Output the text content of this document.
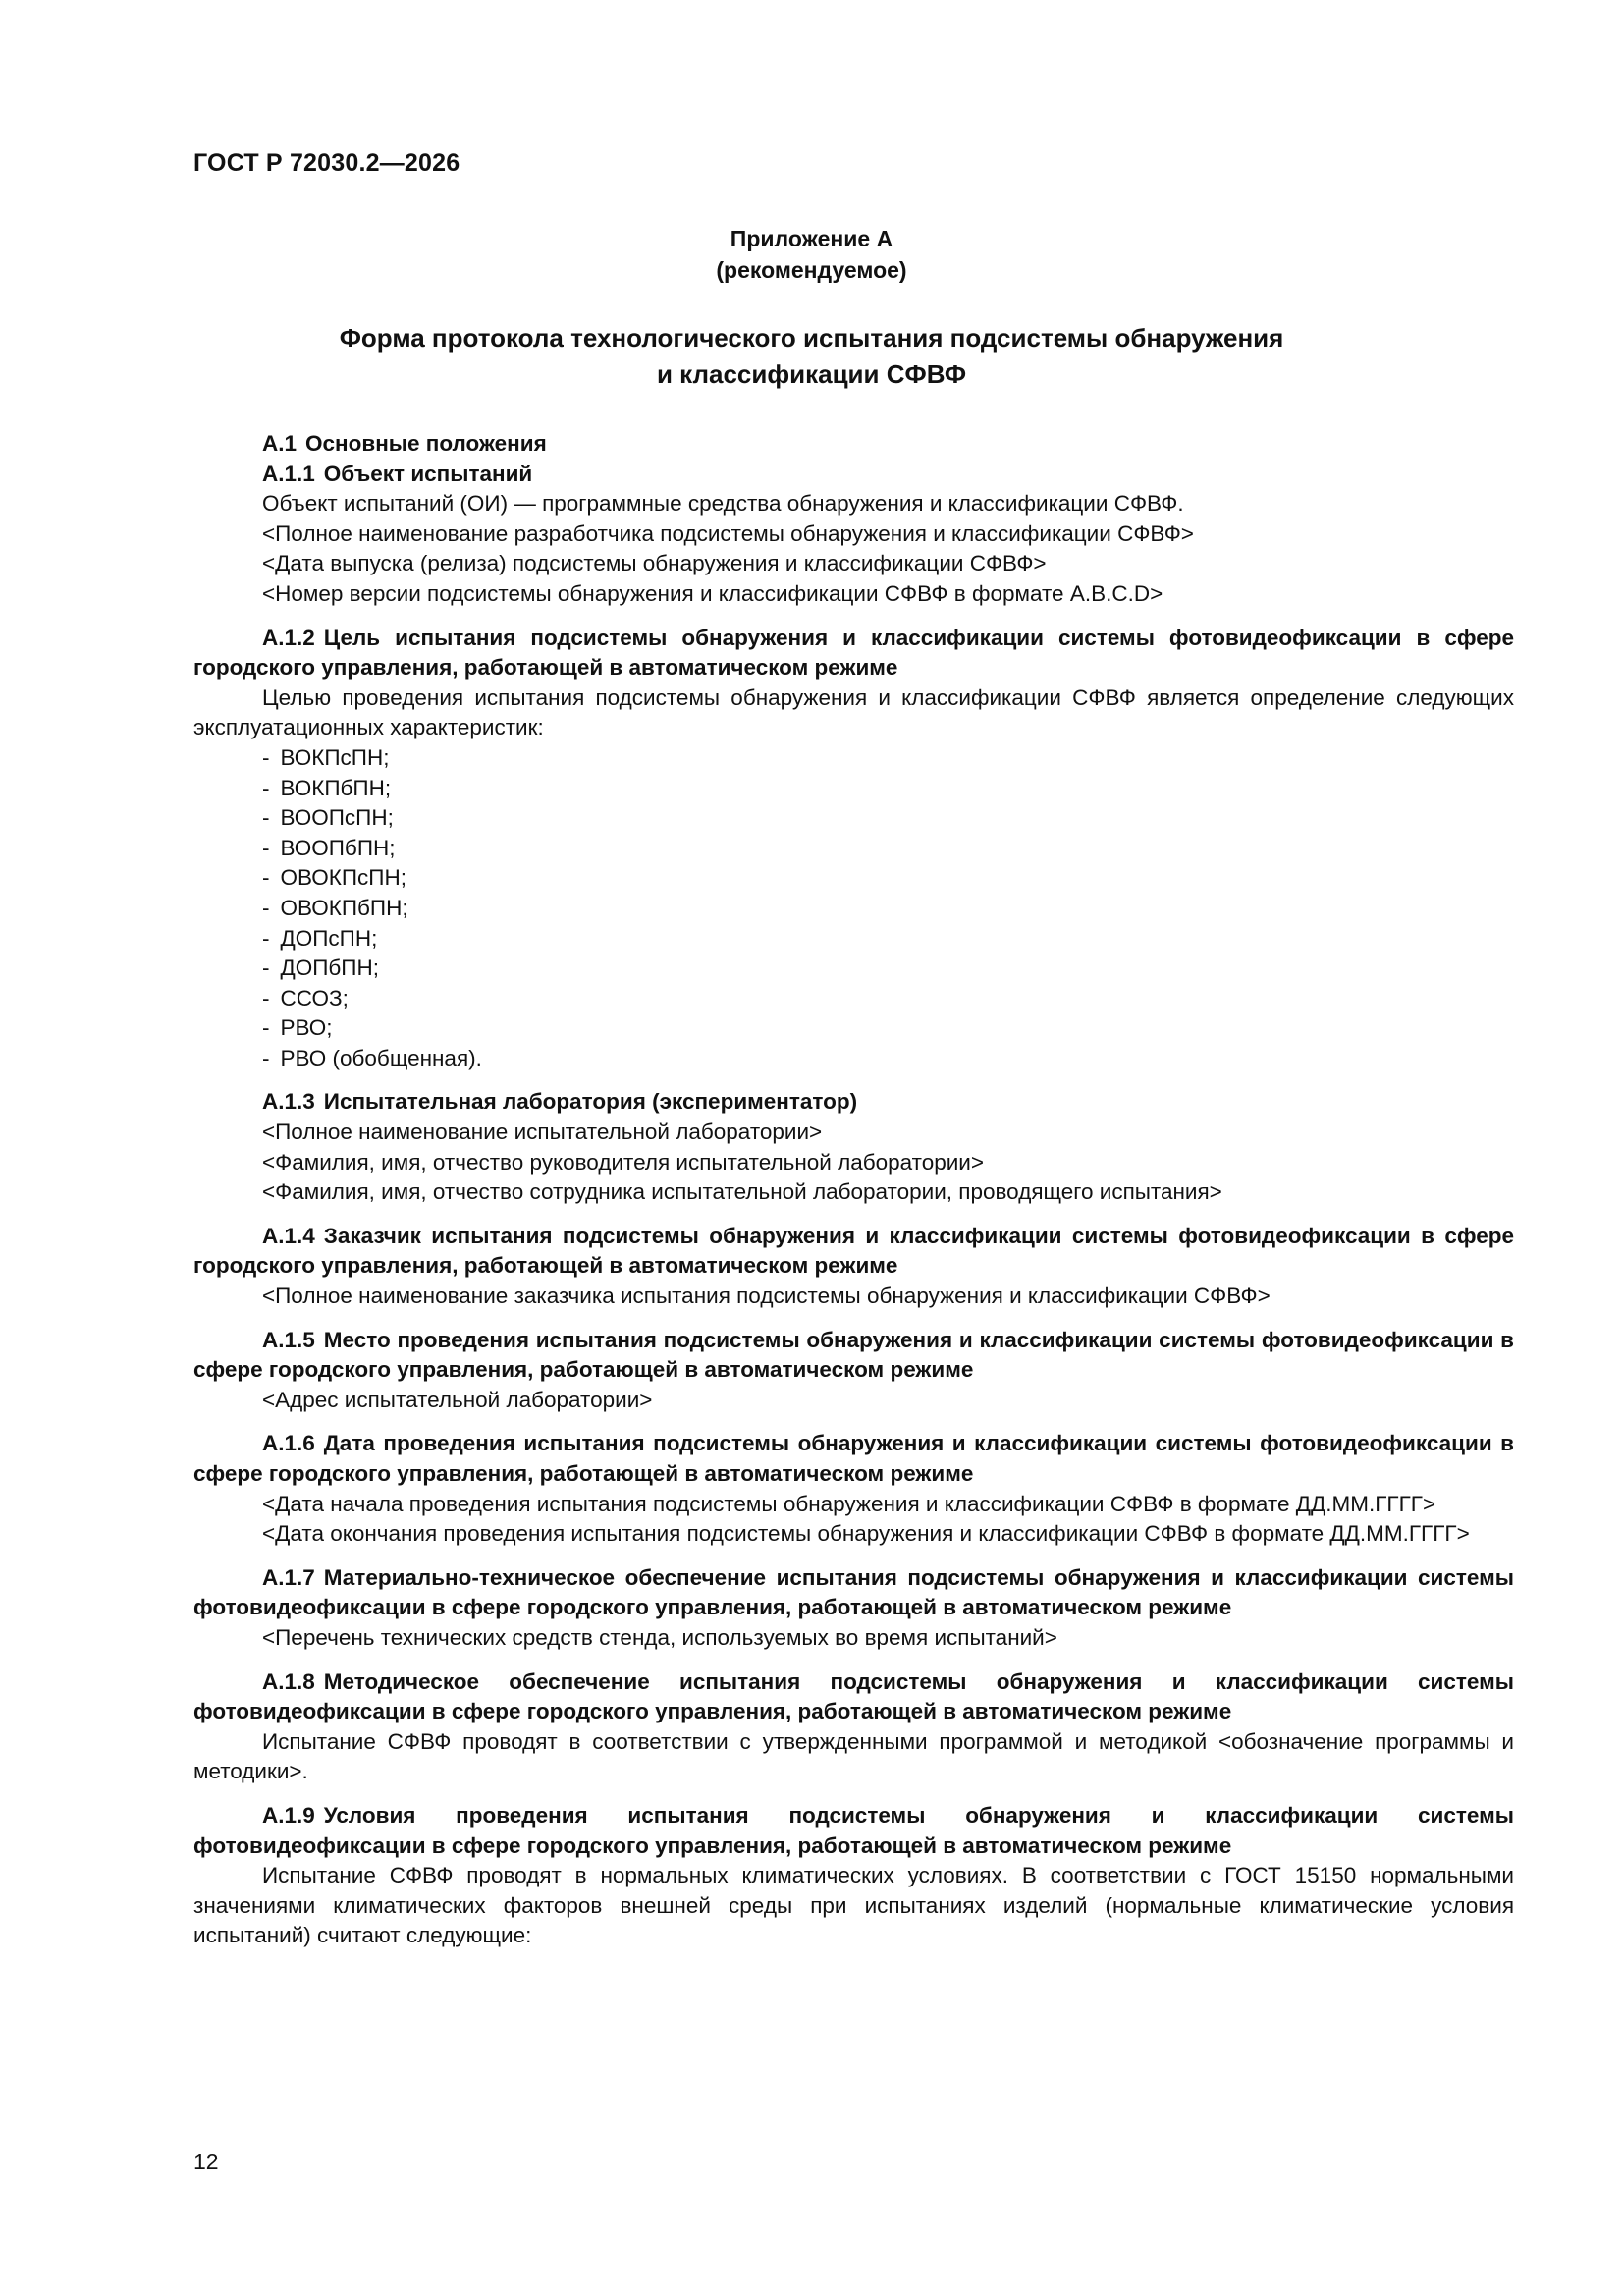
ГОСТ Р 72030.2—2026
Приложение А
(рекомендуемое)
Форма протокола технологического испытания подсистемы обнаружения
и классификации СФВФ

А.1 Основные положения

А.1.1 Объект испытаний

Объект испытаний (ОИ) — программные средства обнаружения и классификации СФВФ.

<Полное наименование разработчика подсистемы обнаружения и классификации СФВФ>

<Дата выпуска (релиза) подсистемы обнаружения и классификации СФВФ>

<Номер версии подсистемы обнаружения и классификации СФВФ в формате A.B.C.D>

А.1.2 Цель испытания подсистемы обнаружения и классификации системы фотовидеофиксации в сфере городского управления, работающей в автоматическом режиме

Целью проведения испытания подсистемы обнаружения и классификации СФВФ является определение следующих эксплуатационных характеристик:

- ВОКПсПН;
- ВОКПбПН;
- ВООПсПН;
- ВООПбПН;
- ОВОКПсПН;
- ОВОКПбПН;
- ДОПсПН;
- ДОПбПН;
- ССОЗ;
- РВО;
- РВО (обобщенная).

А.1.3 Испытательная лаборатория (экспериментатор)

<Полное наименование испытательной лаборатории>

<Фамилия, имя, отчество руководителя испытательной лаборатории>

<Фамилия, имя, отчество сотрудника испытательной лаборатории, проводящего испытания>

А.1.4 Заказчик испытания подсистемы обнаружения и классификации системы фотовидеофиксации в сфере городского управления, работающей в автоматическом режиме

<Полное наименование заказчика испытания подсистемы обнаружения и классификации СФВФ>

А.1.5 Место проведения испытания подсистемы обнаружения и классификации системы фотовидеофиксации в сфере городского управления, работающей в автоматическом режиме

<Адрес испытательной лаборатории>

А.1.6 Дата проведения испытания подсистемы обнаружения и классификации системы фотовидеофиксации в сфере городского управления, работающей в автоматическом режиме

<Дата начала проведения испытания подсистемы обнаружения и классификации СФВФ в формате ДД.ММ.ГГГГ>

<Дата окончания проведения испытания подсистемы обнаружения и классификации СФВФ в формате ДД.ММ.ГГГГ>

А.1.7 Материально-техническое обеспечение испытания подсистемы обнаружения и классификации системы фотовидеофиксации в сфере городского управления, работающей в автоматическом режиме

<Перечень технических средств стенда, используемых во время испытаний>

А.1.8 Методическое обеспечение испытания подсистемы обнаружения и классификации системы фотовидеофиксации в сфере городского управления, работающей в автоматическом режиме

Испытание СФВФ проводят в соответствии с утвержденными программой и методикой <обозначение программы и методики>.

А.1.9 Условия проведения испытания подсистемы обнаружения и классификации системы фотовидеофиксации в сфере городского управления, работающей в автоматическом режиме

Испытание СФВФ проводят в нормальных климатических условиях. В соответствии с ГОСТ 15150 нормальными значениями климатических факторов внешней среды при испытаниях изделий (нормальные климатические условия испытаний) считают следующие:

12
